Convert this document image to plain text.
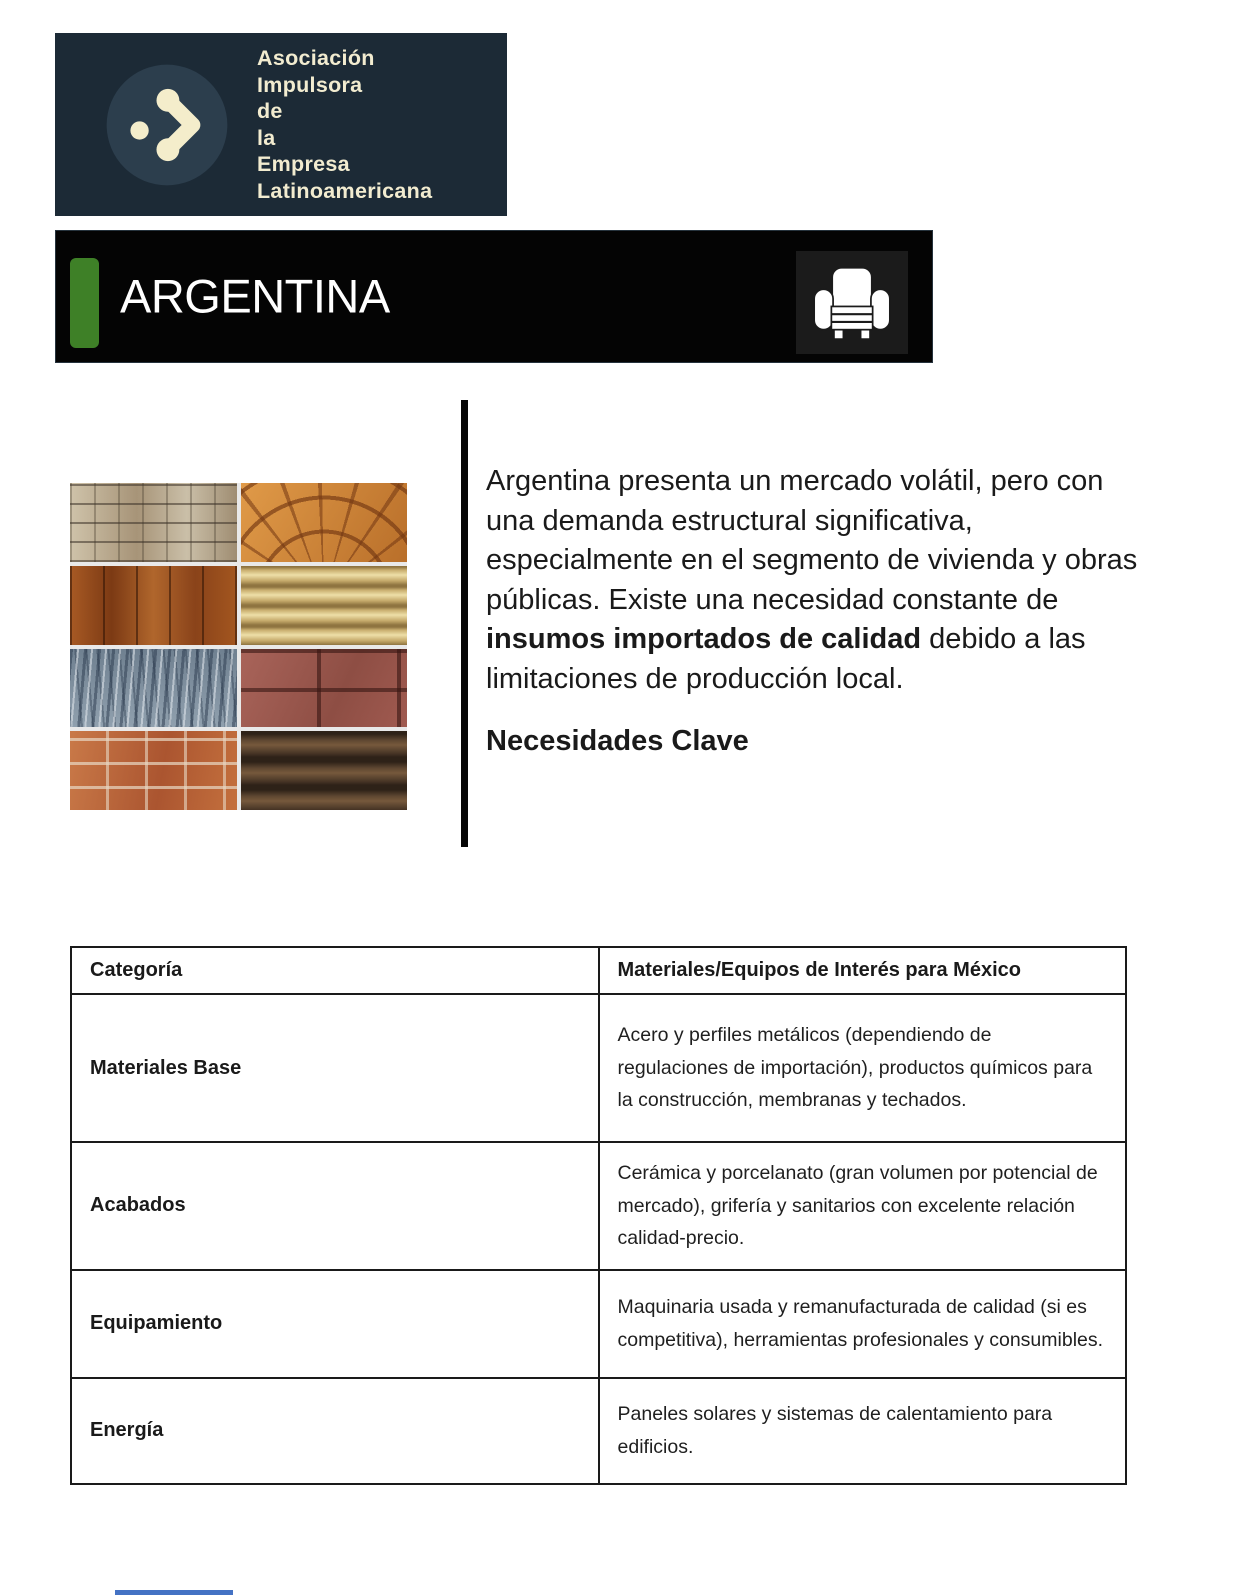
Asociación
Impulsora
de
la
Empresa
Latinoamericana
ARGENTINA

Argentina presenta un mercado volátil, pero con una demanda estructural significativa, especialmente en el segmento de vivienda y obras públicas. Existe una necesidad constante de insumos importados de calidad debido a las limitaciones de producción local.

Necesidades Clave
Categoría	Materiales/Equipos de Interés para México
Materiales Base	Acero y perfiles metálicos (dependiendo de regulaciones de importación), productos químicos para la construcción, membranas y techados.
Acabados	Cerámica y porcelanato (gran volumen por potencial de mercado), grifería y sanitarios con excelente relación calidad-precio.
Equipamiento	Maquinaria usada y remanufacturada de calidad (si es competitiva), herramientas profesionales y consumibles.
Energía	Paneles solares y sistemas de calentamiento para edificios.
